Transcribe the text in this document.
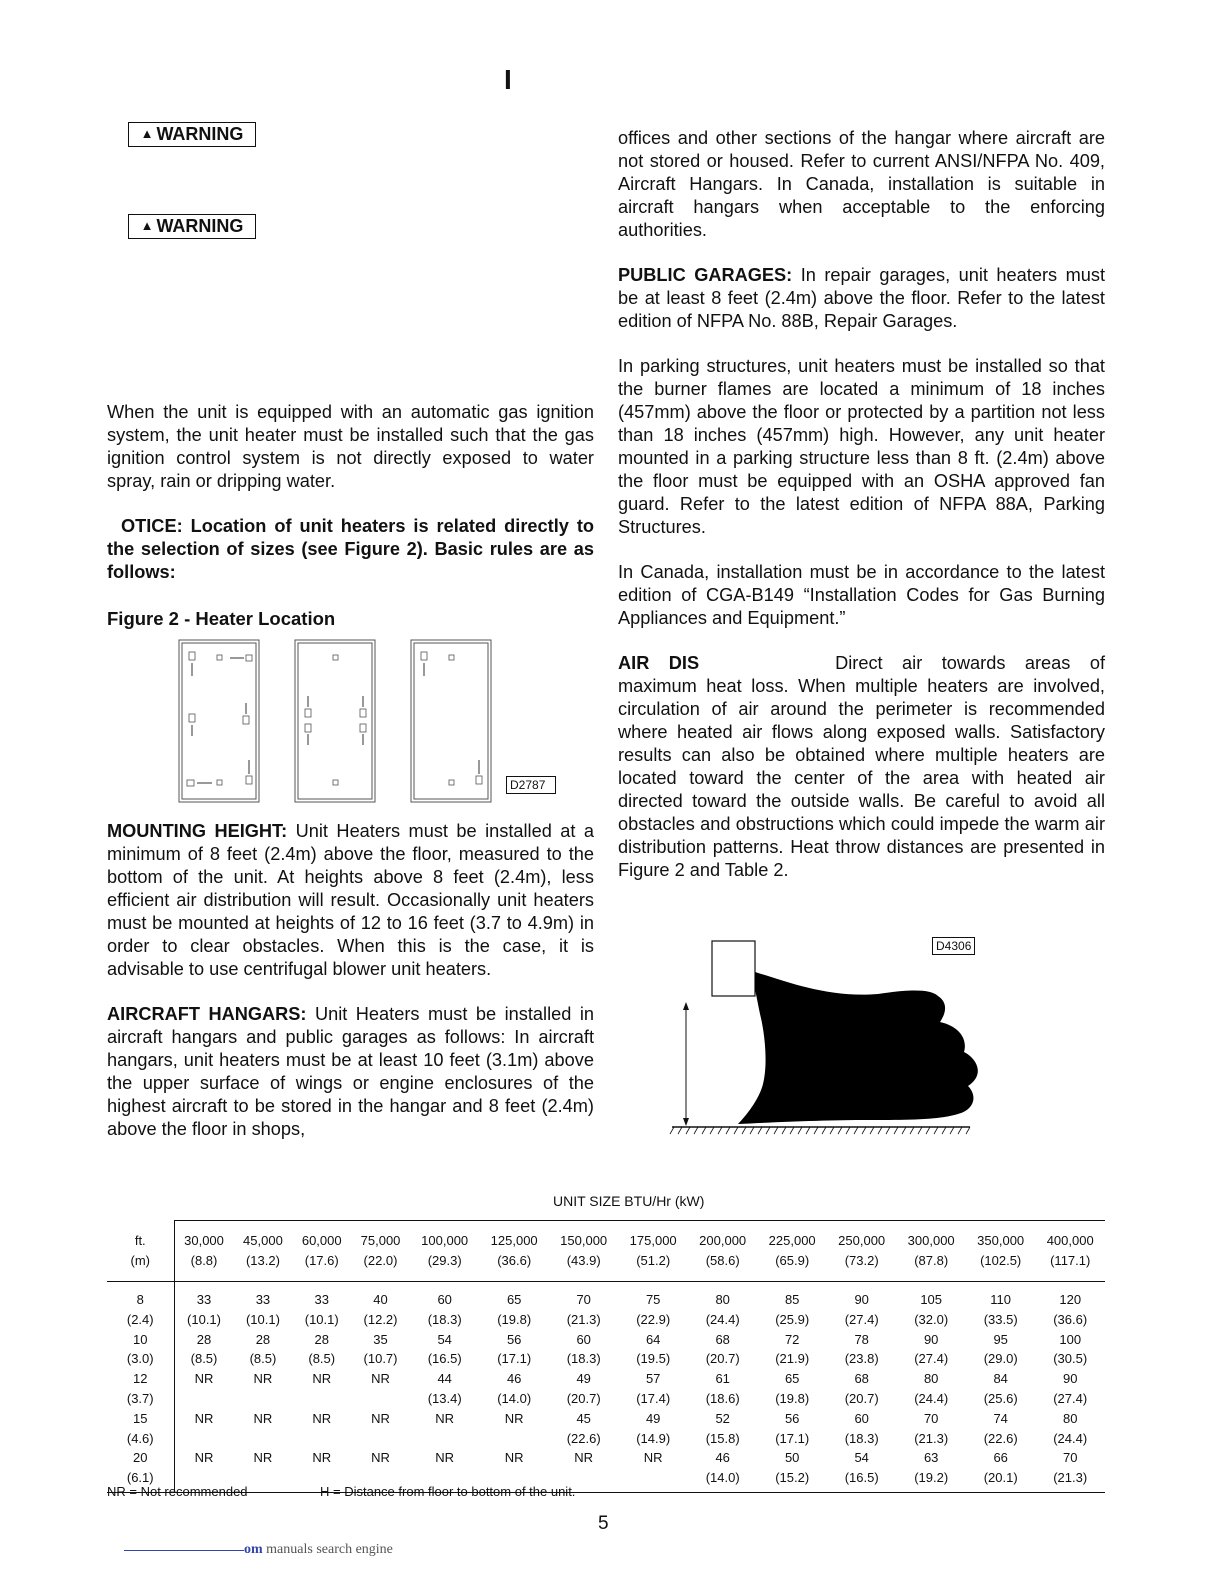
I
▲ WARNING
▲ WARNING

When the unit is equipped with an automatic gas ignition system, the unit heater must be installed such that the gas ignition control system is not directly exposed to water spray, rain or dripping water.

OTICE: Location of unit heaters is related directly to the selection of sizes (see Figure 2). Basic rules are as follows:

Figure 2 - Heater Location
D2787

MOUNTING HEIGHT: Unit Heaters must be installed at a minimum of 8 feet (2.4m) above the floor, measured to the bottom of the unit. At heights above 8 feet (2.4m), less efficient air distribution will result. Occasionally unit heaters must be mounted at heights of 12 to 16 feet (3.7 to 4.9m) in order to clear obstacles. When this is the case, it is advisable to use centrifugal blower unit heaters.

AIRCRAFT HANGARS: Unit Heaters must be installed in aircraft hangars and public garages as follows: In aircraft hangars, unit heaters must be at least 10 feet (3.1m) above the upper surface of wings or engine enclosures of the highest aircraft to be stored in the hangar and 8 feet (2.4m) above the floor in shops,

offices and other sections of the hangar where aircraft are not stored or housed. Refer to current ANSI/NFPA No. 409, Aircraft Hangars. In Canada, installation is suitable in aircraft hangars when acceptable to the enforcing authorities.

PUBLIC GARAGES: In repair garages, unit heaters must be at least 8 feet (2.4m) above the floor. Refer to the latest edition of NFPA No. 88B, Repair Garages.

In parking structures, unit heaters must be installed so that the burner flames are located a minimum of 18 inches (457mm) above the floor or protected by a partition not less than 18 inches (457mm) high. However, any unit heater mounted in a parking structure less than 8 ft. (2.4m) above the floor must be equipped with an OSHA approved fan guard. Refer to the latest edition of NFPA 88A, Parking Structures.

In Canada, installation must be in accordance to the latest edition of CGA-B149 “Installation Codes for Gas Burning Appliances and Equipment.”

AIR DIS	Direct air towards areas of maximum heat loss. When multiple heaters are involved, circulation of air around the perimeter is recommended where heated air flows along exposed walls. Satisfactory results can also be obtained where multiple heaters are located toward the center of the area with heated air directed toward the outside walls. Be careful to avoid all obstacles and obstructions which could impede the warm air distribution patterns. Heat throw distances are presented in Figure 2 and Table 2.

D4306
UNIT SIZE BTU/Hr (kW)
ft.	30,000	45,000	60,000	75,000	100,000	125,000	150,000	175,000	200,000	225,000	250,000	300,000	350,000	400,000
(m)	(8.8)	(13.2)	(17.6)	(22.0)	(29.3)	(36.6)	(43.9)	(51.2)	(58.6)	(65.9)	(73.2)	(87.8)	(102.5)	(117.1)
8	33	33	33	40	60	65	70	75	80	85	90	105	110	120
(2.4)	(10.1)	(10.1)	(10.1)	(12.2)	(18.3)	(19.8)	(21.3)	(22.9)	(24.4)	(25.9)	(27.4)	(32.0)	(33.5)	(36.6)
10	28	28	28	35	54	56	60	64	68	72	78	90	95	100
(3.0)	(8.5)	(8.5)	(8.5)	(10.7)	(16.5)	(17.1)	(18.3)	(19.5)	(20.7)	(21.9)	(23.8)	(27.4)	(29.0)	(30.5)
12	NR	NR	NR	NR	44	46	49	57	61	65	68	80	84	90
(3.7)					(13.4)	(14.0)	(20.7)	(17.4)	(18.6)	(19.8)	(20.7)	(24.4)	(25.6)	(27.4)
15	NR	NR	NR	NR	NR	NR	45	49	52	56	60	70	74	80
(4.6)							(22.6)	(14.9)	(15.8)	(17.1)	(18.3)	(21.3)	(22.6)	(24.4)
20	NR	NR	NR	NR	NR	NR	NR	NR	46	50	54	63	66	70
(6.1)									(14.0)	(15.2)	(16.5)	(19.2)	(20.1)	(21.3)
NR = Not recommended	H = Distance from floor to bottom of the unit.
5
om manuals search engine
